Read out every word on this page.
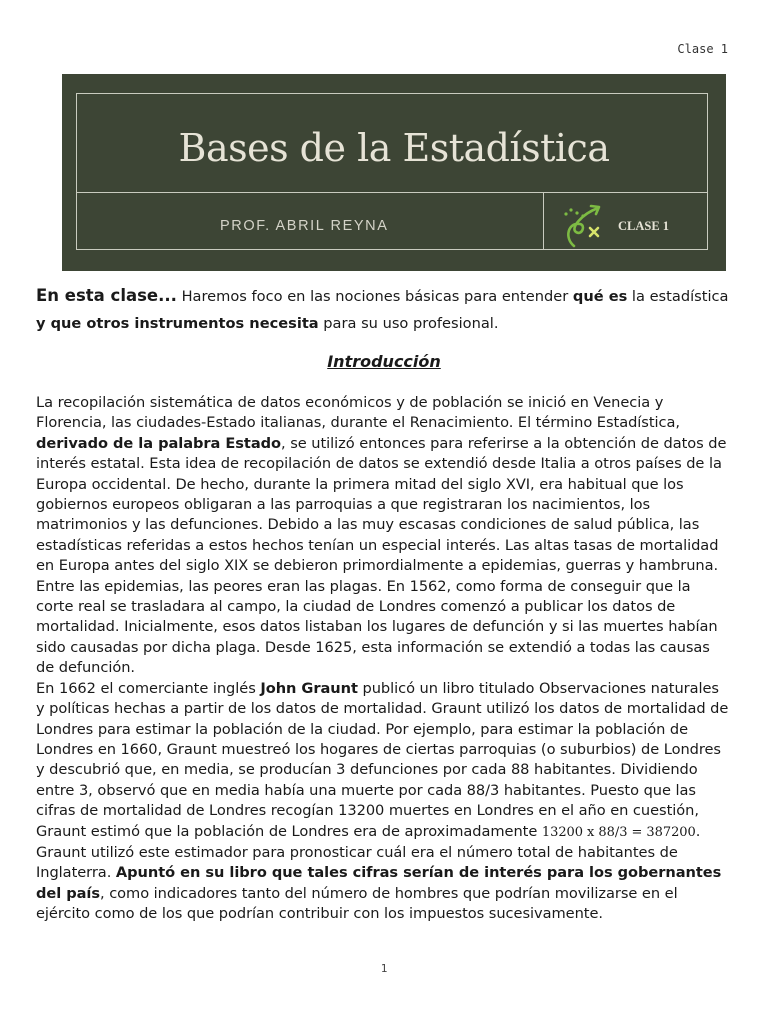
Clase 1
Bases de la Estadística
PROF. ABRIL REYNA	CLASE 1
En esta clase... Haremos foco en las nociones básicas para entender qué es la estadística y que otros instrumentos necesita para su uso profesional.
Introducción

La recopilación sistemática de datos económicos y de población se inició en Venecia y Florencia, las ciudades-Estado italianas, durante el Renacimiento. El término Estadística, derivado de la palabra Estado, se utilizó entonces para referirse a la obtención de datos de interés estatal. Esta idea de recopilación de datos se extendió desde Italia a otros países de la Europa occidental. De hecho, durante la primera mitad del siglo XVI, era habitual que los gobiernos europeos obligaran a las parroquias a que registraran los nacimientos, los matrimonios y las defunciones. Debido a las muy escasas condiciones de salud pública, las estadísticas referidas a estos hechos tenían un especial interés. Las altas tasas de mortalidad en Europa antes del siglo XIX se debieron primordialmente a epidemias, guerras y hambruna. Entre las epidemias, las peores eran las plagas. En 1562, como forma de conseguir que la corte real se trasladara al campo, la ciudad de Londres comenzó a publicar los datos de mortalidad. Inicialmente, esos datos listaban los lugares de defunción y si las muertes habían sido causadas por dicha plaga. Desde 1625, esta información se extendió a todas las causas de defunción.

En 1662 el comerciante inglés John Graunt publicó un libro titulado Observaciones naturales y políticas hechas a partir de los datos de mortalidad. Graunt utilizó los datos de mortalidad de Londres para estimar la población de la ciudad. Por ejemplo, para estimar la población de Londres en 1660, Graunt muestreó los hogares de ciertas parroquias (o suburbios) de Londres y descubrió que, en media, se producían 3 defunciones por cada 88 habitantes. Dividiendo entre 3, observó que en media había una muerte por cada 88/3 habitantes. Puesto que las cifras de mortalidad de Londres recogían 13200 muertes en Londres en el año en cuestión, Graunt estimó que la población de Londres era de aproximadamente 13200 x 88/3 = 387200. Graunt utilizó este estimador para pronosticar cuál era el número total de habitantes de Inglaterra. Apuntó en su libro que tales cifras serían de interés para los gobernantes del país, como indicadores tanto del número de hombres que podrían movilizarse en el ejército como de los que podrían contribuir con los impuestos sucesivamente.

1
